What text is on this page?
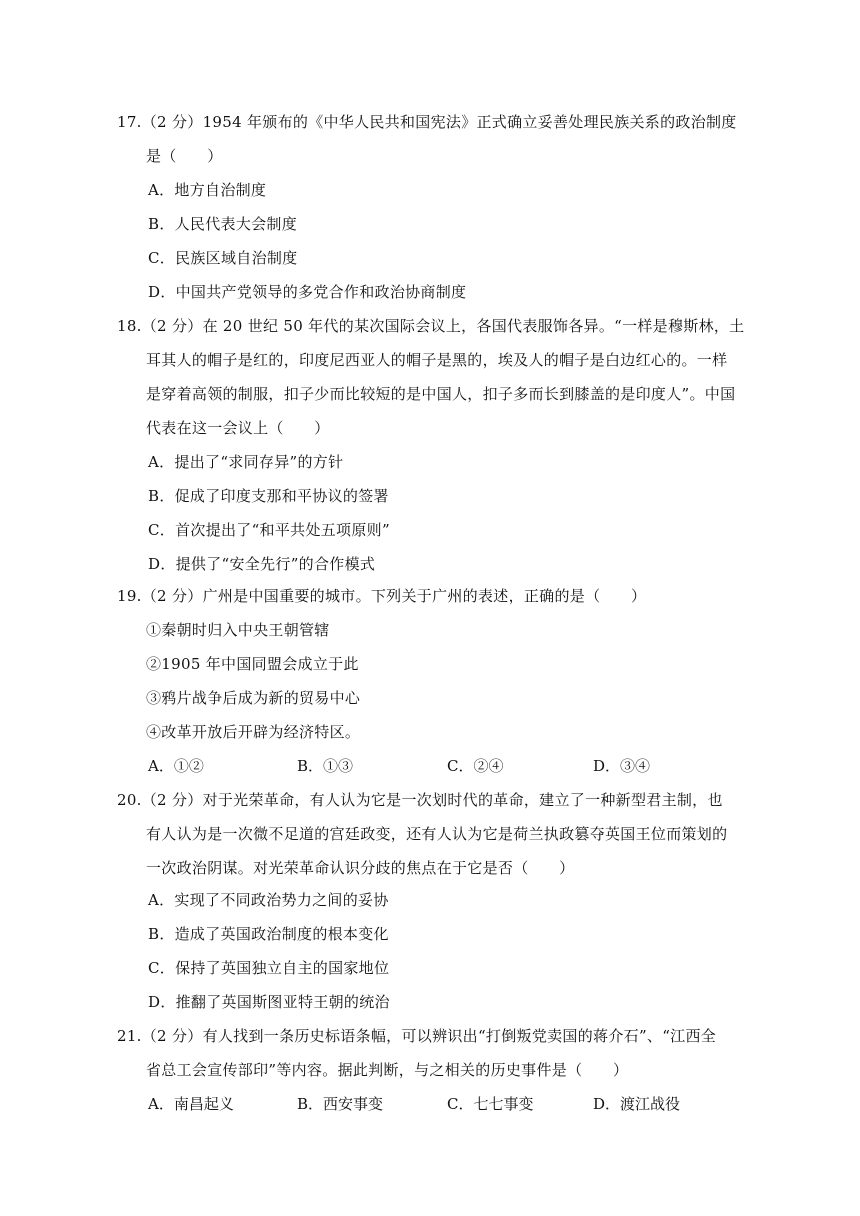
17.（2 分）1954 年颁布的《中华人民共和国宪法》正式确立妥善处理民族关系的政治制度
是（　　）
A．地方自治制度
B．人民代表大会制度
C．民族区域自治制度
D．中国共产党领导的多党合作和政治协商制度
18.（2 分）在 20 世纪 50 年代的某次国际会议上，各国代表服饰各异。“一样是穆斯林，土
耳其人的帽子是红的，印度尼西亚人的帽子是黑的，埃及人的帽子是白边红心的。一样
是穿着高领的制服，扣子少而比较短的是中国人，扣子多而长到膝盖的是印度人”。中国
代表在这一会议上（　　）
A．提出了“求同存异”的方针
B．促成了印度支那和平协议的签署
C．首次提出了“和平共处五项原则”
D．提供了“安全先行”的合作模式
19.（2 分）广州是中国重要的城市。下列关于广州的表述，正确的是（　　）
①秦朝时归入中央王朝管辖
②1905 年中国同盟会成立于此
③鸦片战争后成为新的贸易中心
④改革开放后开辟为经济特区。
A．①②	B．①③	C．②④	D．③④
20.（2 分）对于光荣革命，有人认为它是一次划时代的革命，建立了一种新型君主制，也
有人认为是一次微不足道的宫廷政变，还有人认为它是荷兰执政篡夺英国王位而策划的
一次政治阴谋。对光荣革命认识分歧的焦点在于它是否（　　）
A．实现了不同政治势力之间的妥协
B．造成了英国政治制度的根本变化
C．保持了英国独立自主的国家地位
D．推翻了英国斯图亚特王朝的统治
21.（2 分）有人找到一条历史标语条幅，可以辨识出“打倒叛党卖国的蒋介石”、“江西全
省总工会宣传部印”等内容。据此判断，与之相关的历史事件是（　　）
A．南昌起义	B．西安事变	C．七七事变	D．渡江战役
